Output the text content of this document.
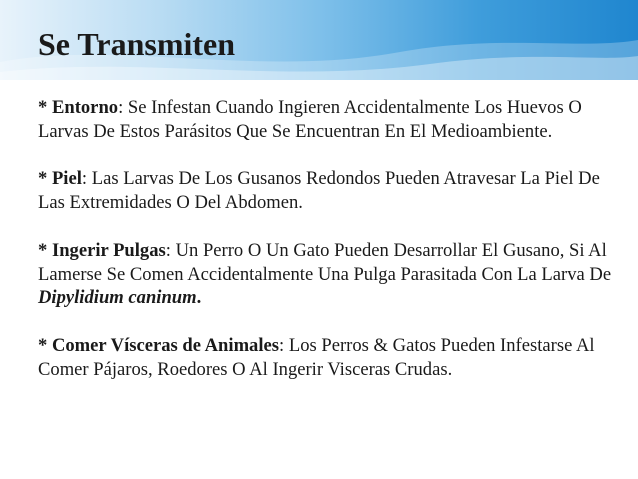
Se Transmiten

* Entorno: Se Infestan Cuando Ingieren Accidentalmente Los Huevos O Larvas De Estos Parásitos Que Se Encuentran En El Medioambiente.

* Piel: Las Larvas De Los Gusanos Redondos Pueden Atravesar La Piel De Las Extremidades O Del Abdomen.

* Ingerir Pulgas: Un Perro O Un Gato Pueden Desarrollar El Gusano, Si Al Lamerse Se Comen Accidentalmente Una Pulga Parasitada Con La Larva De Dipylidium caninum.

* Comer Vísceras de Animales: Los Perros & Gatos Pueden Infestarse Al Comer Pájaros, Roedores O Al Ingerir Visceras Crudas.
